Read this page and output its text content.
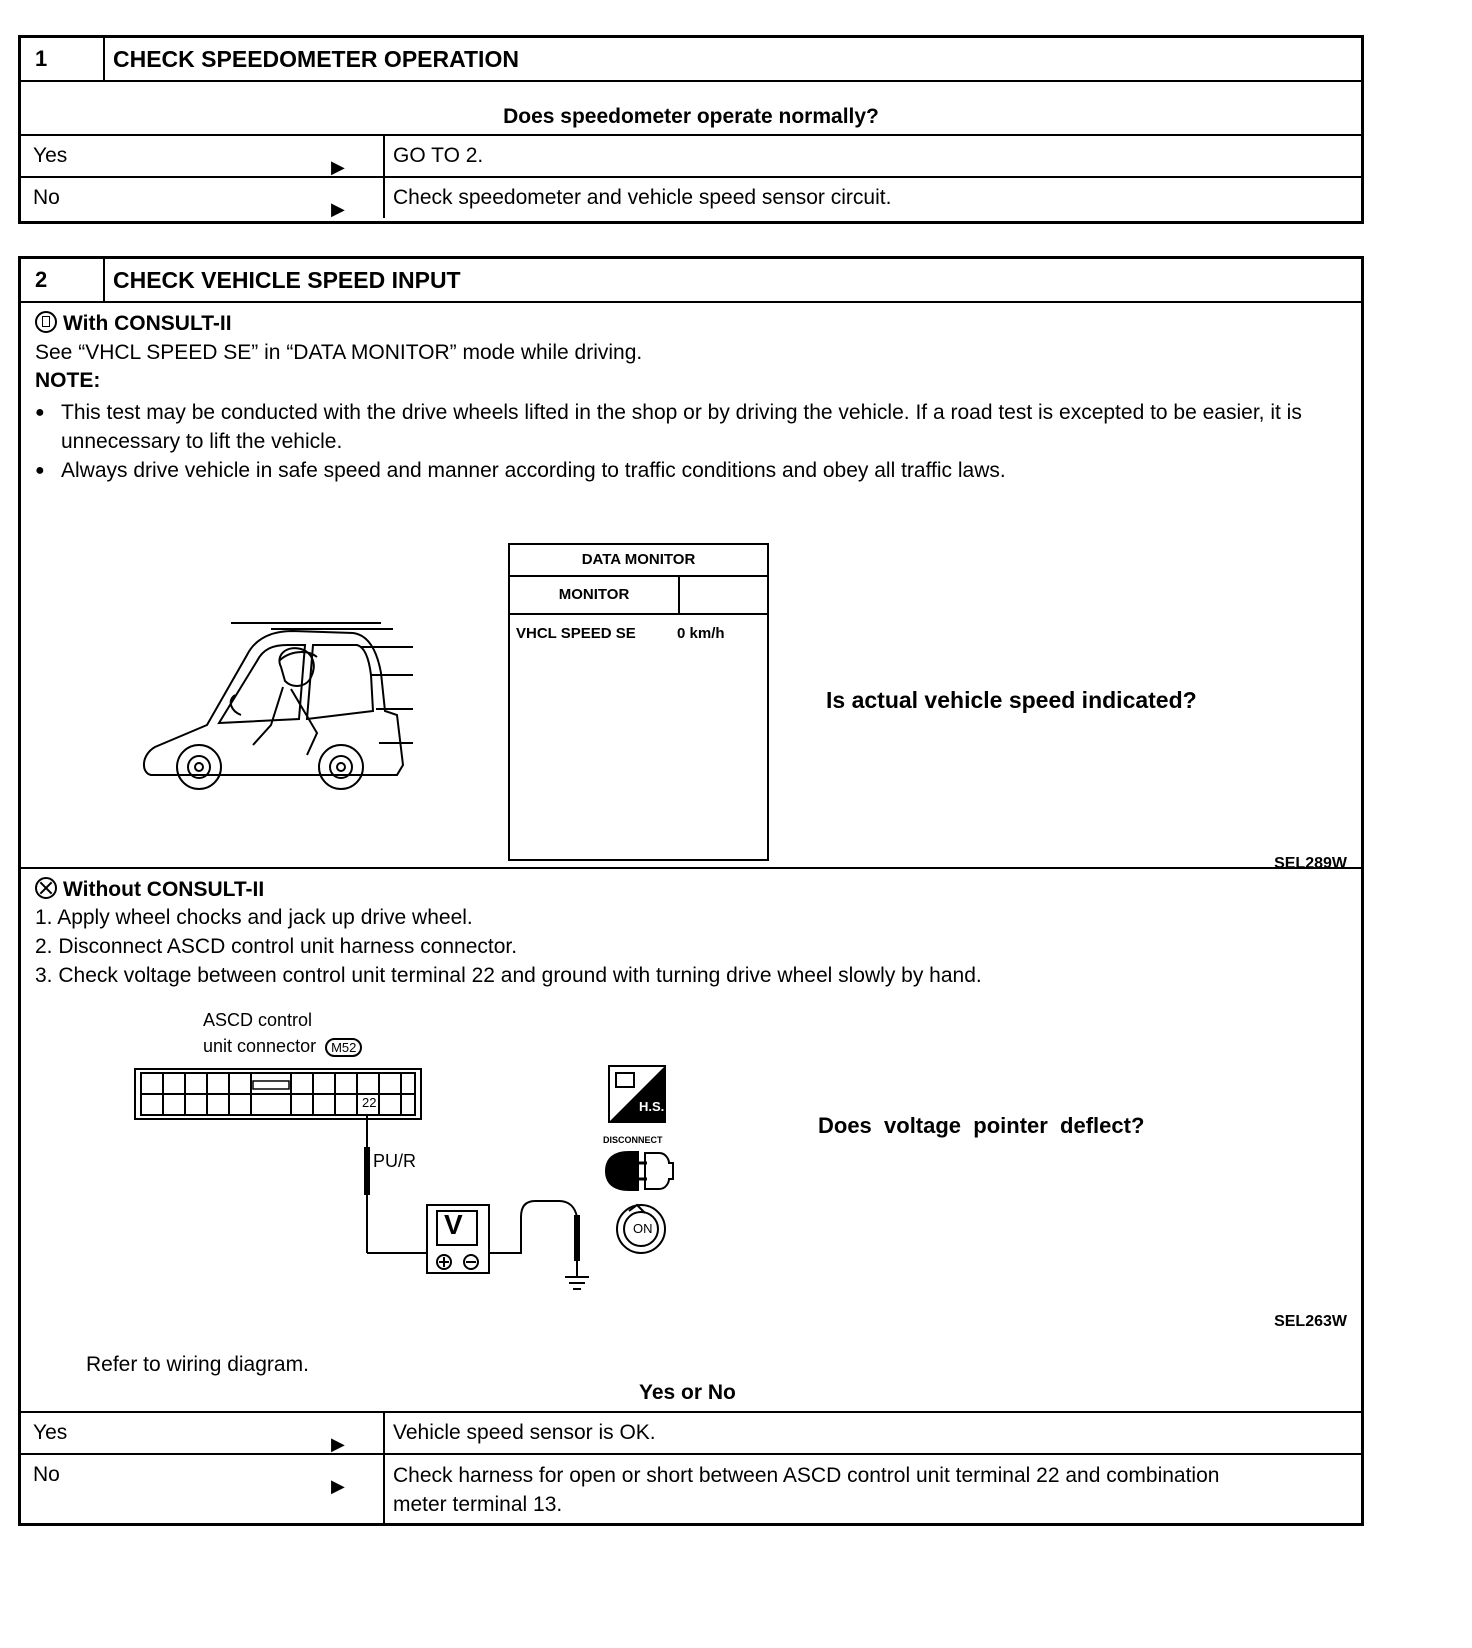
1	CHECK SPEEDOMETER OPERATION
Does speedometer operate normally?
Yes	▶	GO TO 2.
No	▶	Check speedometer and vehicle speed sensor circuit.
2	CHECK VEHICLE SPEED INPUT
With CONSULT-II
See “VHCL SPEED SE” in “DATA MONITOR” mode while driving.
NOTE:
● This test may be conducted with the drive wheels lifted in the shop or by driving the vehicle. If a road test is excepted to be easier, it is unnecessary to lift the vehicle.
● Always drive vehicle in safe speed and manner according to traffic conditions and obey all traffic laws.
DATA MONITOR
MONITOR
VHCL SPEED SE	0 km/h
Is actual vehicle speed indicated?
SEL289W
Without CONSULT-II
1. Apply wheel chocks and jack up drive wheel.
2. Disconnect ASCD control unit harness connector.
3. Check voltage between control unit terminal 22 and ground with turning drive wheel slowly by hand.
ASCD control
unit connector M52
22
PU/R
V
H.S.
DISCONNECT
ON
Does  voltage  pointer  deflect?
SEL263W
Refer to wiring diagram.
Yes or No
Yes	▶	Vehicle speed sensor is OK.
No	▶	Check harness for open or short between ASCD control unit terminal 22 and combination
meter terminal 13.
